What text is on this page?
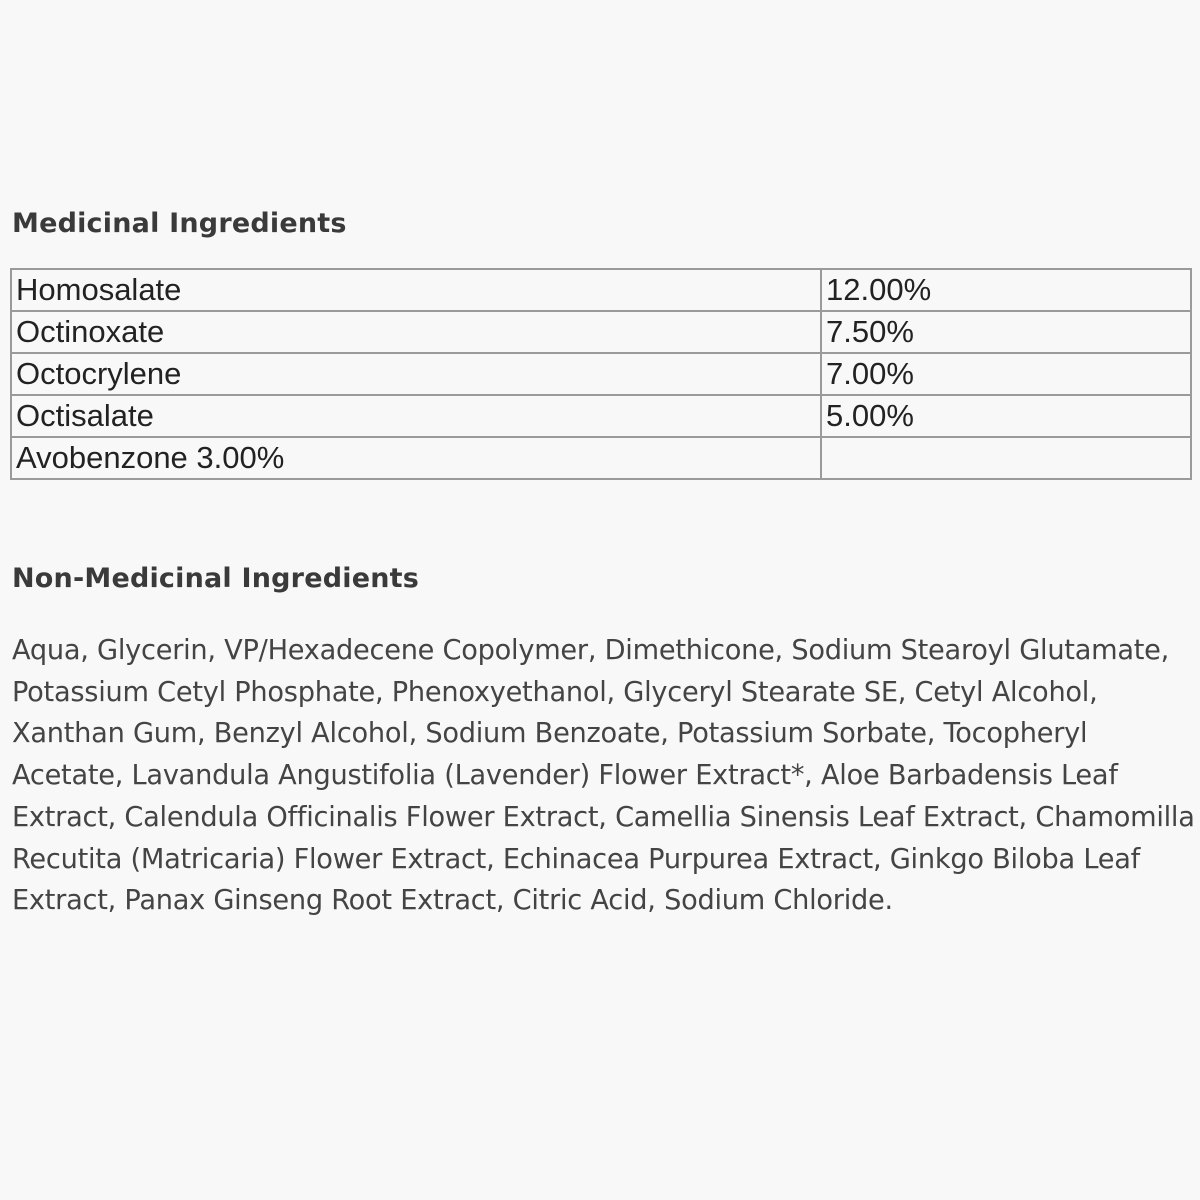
Medicinal Ingredients
Homosalate	12.00%
Octinoxate	7.50%
Octocrylene	7.00%
Octisalate	5.00%
Avobenzone 3.00%	
Non-Medicinal Ingredients
Aqua, Glycerin, VP/Hexadecene Copolymer, Dimethicone, Sodium Stearoyl Glutamate,
Potassium Cetyl Phosphate, Phenoxyethanol, Glyceryl Stearate SE, Cetyl Alcohol,
Xanthan Gum, Benzyl Alcohol, Sodium Benzoate, Potassium Sorbate, Tocopheryl
Acetate, Lavandula Angustifolia (Lavender) Flower Extract*, Aloe Barbadensis Leaf
Extract, Calendula Officinalis Flower Extract, Camellia Sinensis Leaf Extract, Chamomilla
Recutita (Matricaria) Flower Extract, Echinacea Purpurea Extract, Ginkgo Biloba Leaf
Extract, Panax Ginseng Root Extract, Citric Acid, Sodium Chloride.
